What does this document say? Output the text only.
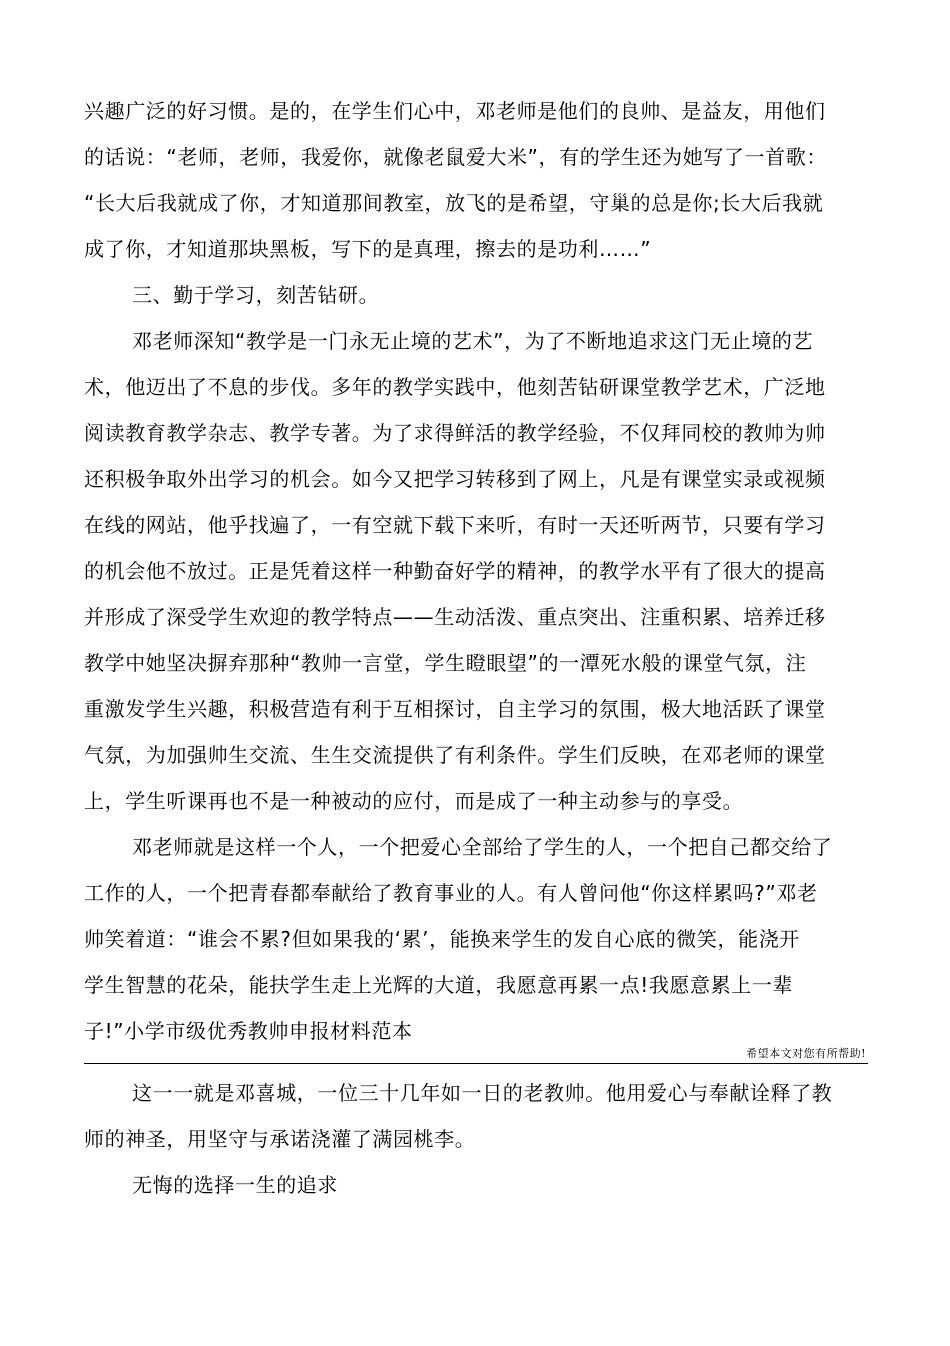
兴趣广泛的好习惯。是的，在学生们心中，邓老师是他们的良帅、是益友，用他们
的话说：“老师，老师，我爱你，就像老鼠爱大米”，有的学生还为她写了一首歌：
“长大后我就成了你，才知道那间教室，放飞的是希望，守巢的总是你;长大后我就
成了你，才知道那块黑板，写下的是真理，擦去的是功利……”
三、勤于学习，刻苦钻研。
邓老师深知“教学是一门永无止境的艺术”，为了不断地追求这门无止境的艺
术，他迈出了不息的步伐。多年的教学实践中，他刻苦钻研课堂教学艺术，广泛地
阅读教育教学杂志、教学专著。为了求得鲜活的教学经验，不仅拜同校的教帅为帅
还积极争取外出学习的机会。如今又把学习转移到了网上，凡是有课堂实录或视频
在线的网站，他乎找遍了，一有空就下载下来听，有时一天还听两节，只要有学习
的机会他不放过。正是凭着这样一种勤奋好学的精神，的教学水平有了很大的提高
并形成了深受学生欢迎的教学特点——生动活泼、重点突出、注重积累、培养迁移
教学中她坚决摒弃那种“教帅一言堂，学生瞪眼望”的一潭死水般的课堂气氛，注
重激发学生兴趣，积极营造有利于互相探讨，自主学习的氛围，极大地活跃了课堂
气氛，为加强帅生交流、生生交流提供了有利条件。学生们反映，在邓老师的课堂
上，学生听课再也不是一种被动的应付，而是成了一种主动参与的享受。
邓老师就是这样一个人，一个把爱心全部给了学生的人，一个把自己都交给了
工作的人，一个把青春都奉献给了教育事业的人。有人曾问他“你这样累吗?”邓老
帅笑着道：“谁会不累?但如果我的‘累’，能换来学生的发自心底的微笑，能浇开
学生智慧的花朵，能扶学生走上光辉的大道，我愿意再累一点!我愿意累上一辈
子!”小学市级优秀教帅申报材料范本
希望本文对您有所帮助!
这一一就是邓喜城，一位三十几年如一日的老教帅。他用爱心与奉献诠释了教
师的神圣，用坚守与承诺浇灌了满园桃李。
无悔的选择一生的追求
